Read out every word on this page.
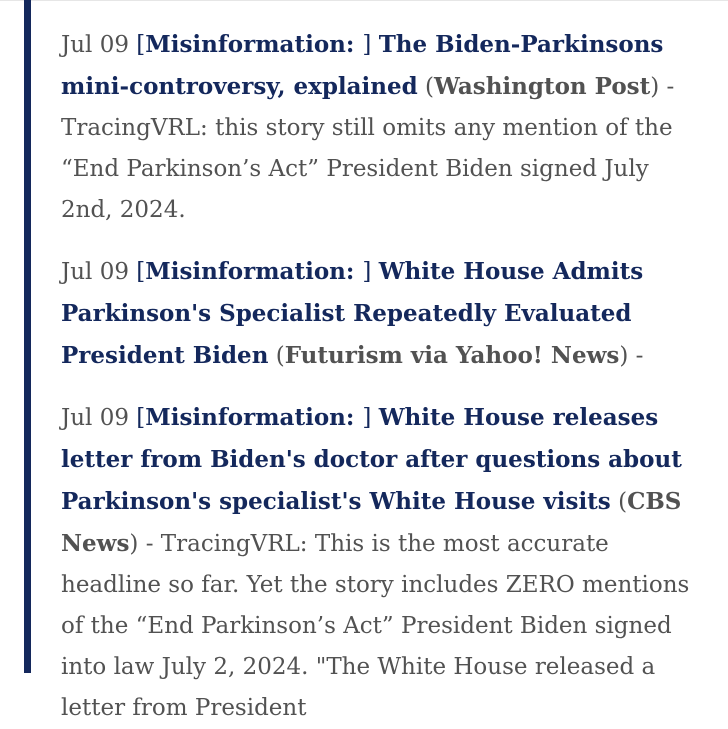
Jul 09 [Misinformation: ] The Biden-Parkinsons mini-controversy, explained (Washington Post) - TracingVRL: this story still omits any mention of the “End Parkinson’s Act” President Biden signed July 2nd, 2024.
Jul 09 [Misinformation: ] White House Admits Parkinson's Specialist Repeatedly Evaluated President Biden (Futurism via Yahoo! News) -
Jul 09 [Misinformation: ] White House releases letter from Biden's doctor after questions about Parkinson's specialist's White House visits (CBS News) - TracingVRL: This is the most accurate headline so far. Yet the story includes ZERO mentions of the “End Parkinson’s Act” President Biden signed into law July 2, 2024. "The White House released a letter from President
